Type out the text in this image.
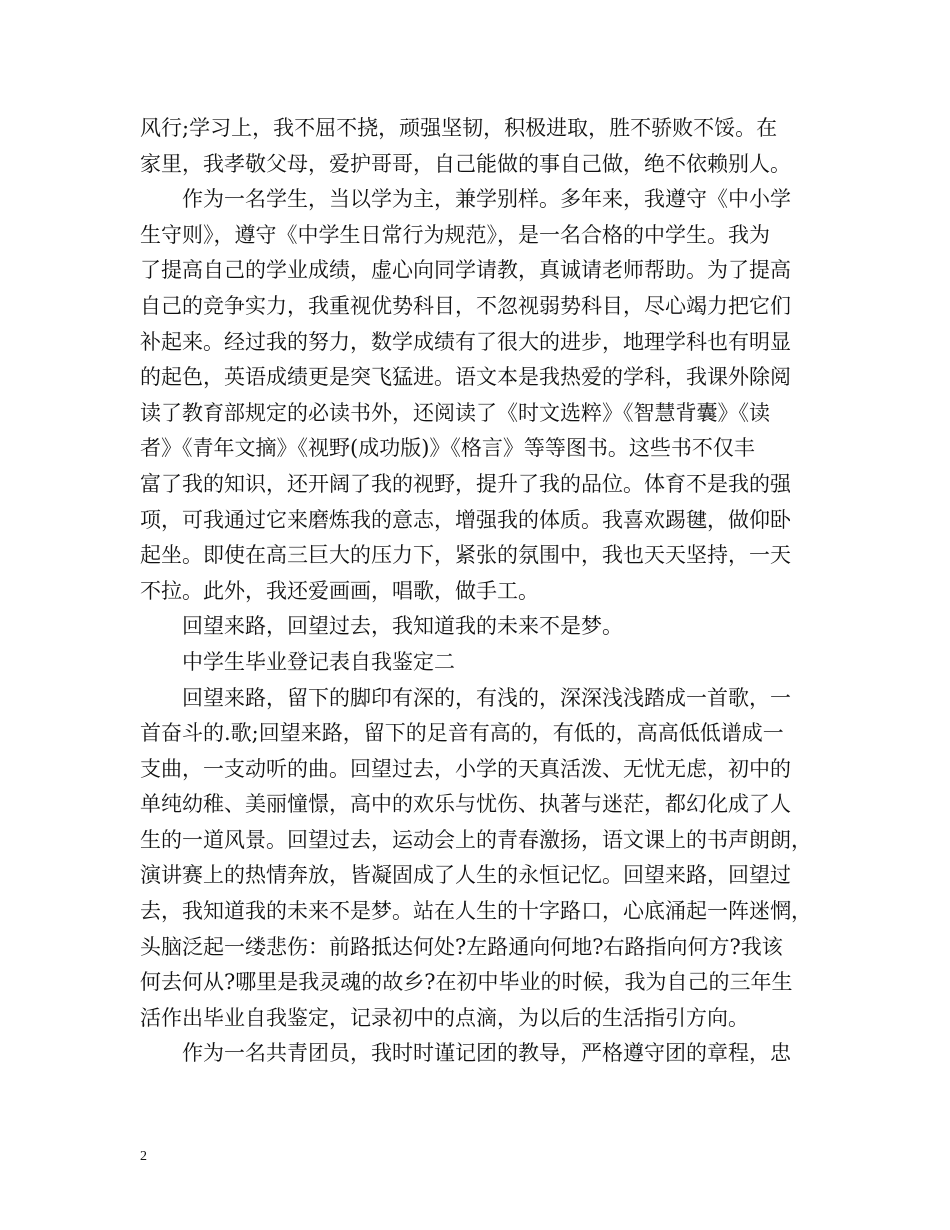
风行;学习上，我不屈不挠，顽强坚韧，积极进取，胜不骄败不馁。在
家里，我孝敬父母，爱护哥哥，自己能做的事自己做，绝不依赖别人。
作为一名学生，当以学为主，兼学别样。多年来，我遵守《中小学
生守则》，遵守《中学生日常行为规范》，是一名合格的中学生。我为
了提高自己的学业成绩，虚心向同学请教，真诚请老师帮助。为了提高
自己的竞争实力，我重视优势科目，不忽视弱势科目，尽心竭力把它们
补起来。经过我的努力，数学成绩有了很大的进步，地理学科也有明显
的起色，英语成绩更是突飞猛进。语文本是我热爱的学科，我课外除阅
读了教育部规定的必读书外，还阅读了《时文选粹》《智慧背囊》《读
者》《青年文摘》《视野(成功版)》《格言》等等图书。这些书不仅丰
富了我的知识，还开阔了我的视野，提升了我的品位。体育不是我的强
项，可我通过它来磨炼我的意志，增强我的体质。我喜欢踢毽，做仰卧
起坐。即使在高三巨大的压力下，紧张的氛围中，我也天天坚持，一天
不拉。此外，我还爱画画，唱歌，做手工。
回望来路，回望过去，我知道我的未来不是梦。
中学生毕业登记表自我鉴定二
回望来路，留下的脚印有深的，有浅的，深深浅浅踏成一首歌，一
首奋斗的.歌;回望来路，留下的足音有高的，有低的，高高低低谱成一
支曲，一支动听的曲。回望过去，小学的天真活泼、无忧无虑，初中的
单纯幼稚、美丽憧憬，高中的欢乐与忧伤、执著与迷茫，都幻化成了人
生的一道风景。回望过去，运动会上的青春激扬，语文课上的书声朗朗，
演讲赛上的热情奔放，皆凝固成了人生的永恒记忆。回望来路，回望过
去，我知道我的未来不是梦。站在人生的十字路口，心底涌起一阵迷惘，
头脑泛起一缕悲伤：前路抵达何处?左路通向何地?右路指向何方?我该
何去何从?哪里是我灵魂的故乡?在初中毕业的时候，我为自己的三年生
活作出毕业自我鉴定，记录初中的点滴，为以后的生活指引方向。
作为一名共青团员，我时时谨记团的教导，严格遵守团的章程，忠
2
